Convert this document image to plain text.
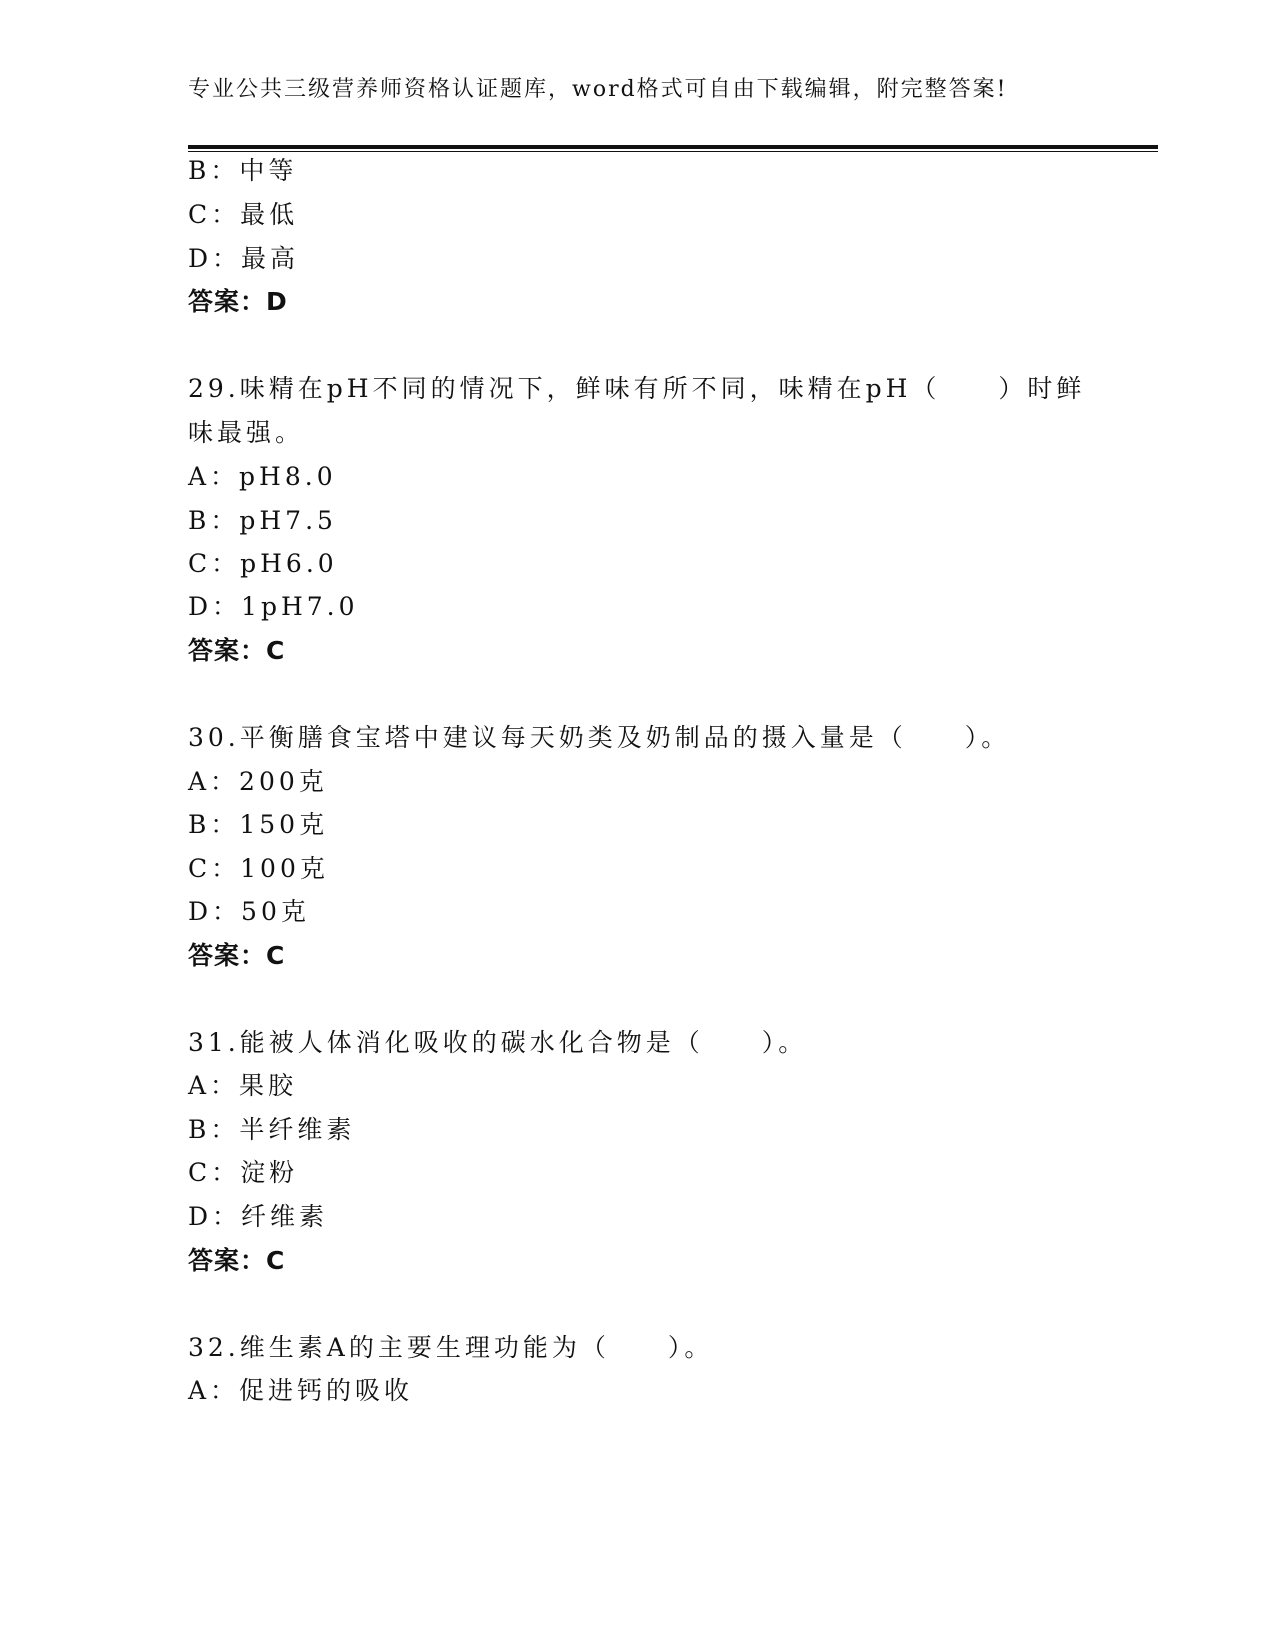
专业公共三级营养师资格认证题库，word格式可自由下载编辑，附完整答案!
B：中等
C：最低
D：最高
答案：D
29.味精在pH不同的情况下，鲜味有所不同，味精在pH（　　）时鲜
味最强。
A：pH8.0
B：pH7.5
C：pH6.0
D：1pH7.0
答案：C
30.平衡膳食宝塔中建议每天奶类及奶制品的摄入量是（　　）。
A：200克
B：150克
C：100克
D：50克
答案：C
31.能被人体消化吸收的碳水化合物是（　　）。
A：果胶
B：半纤维素
C：淀粉
D：纤维素
答案：C
32.维生素A的主要生理功能为（　　）。
A：促进钙的吸收
